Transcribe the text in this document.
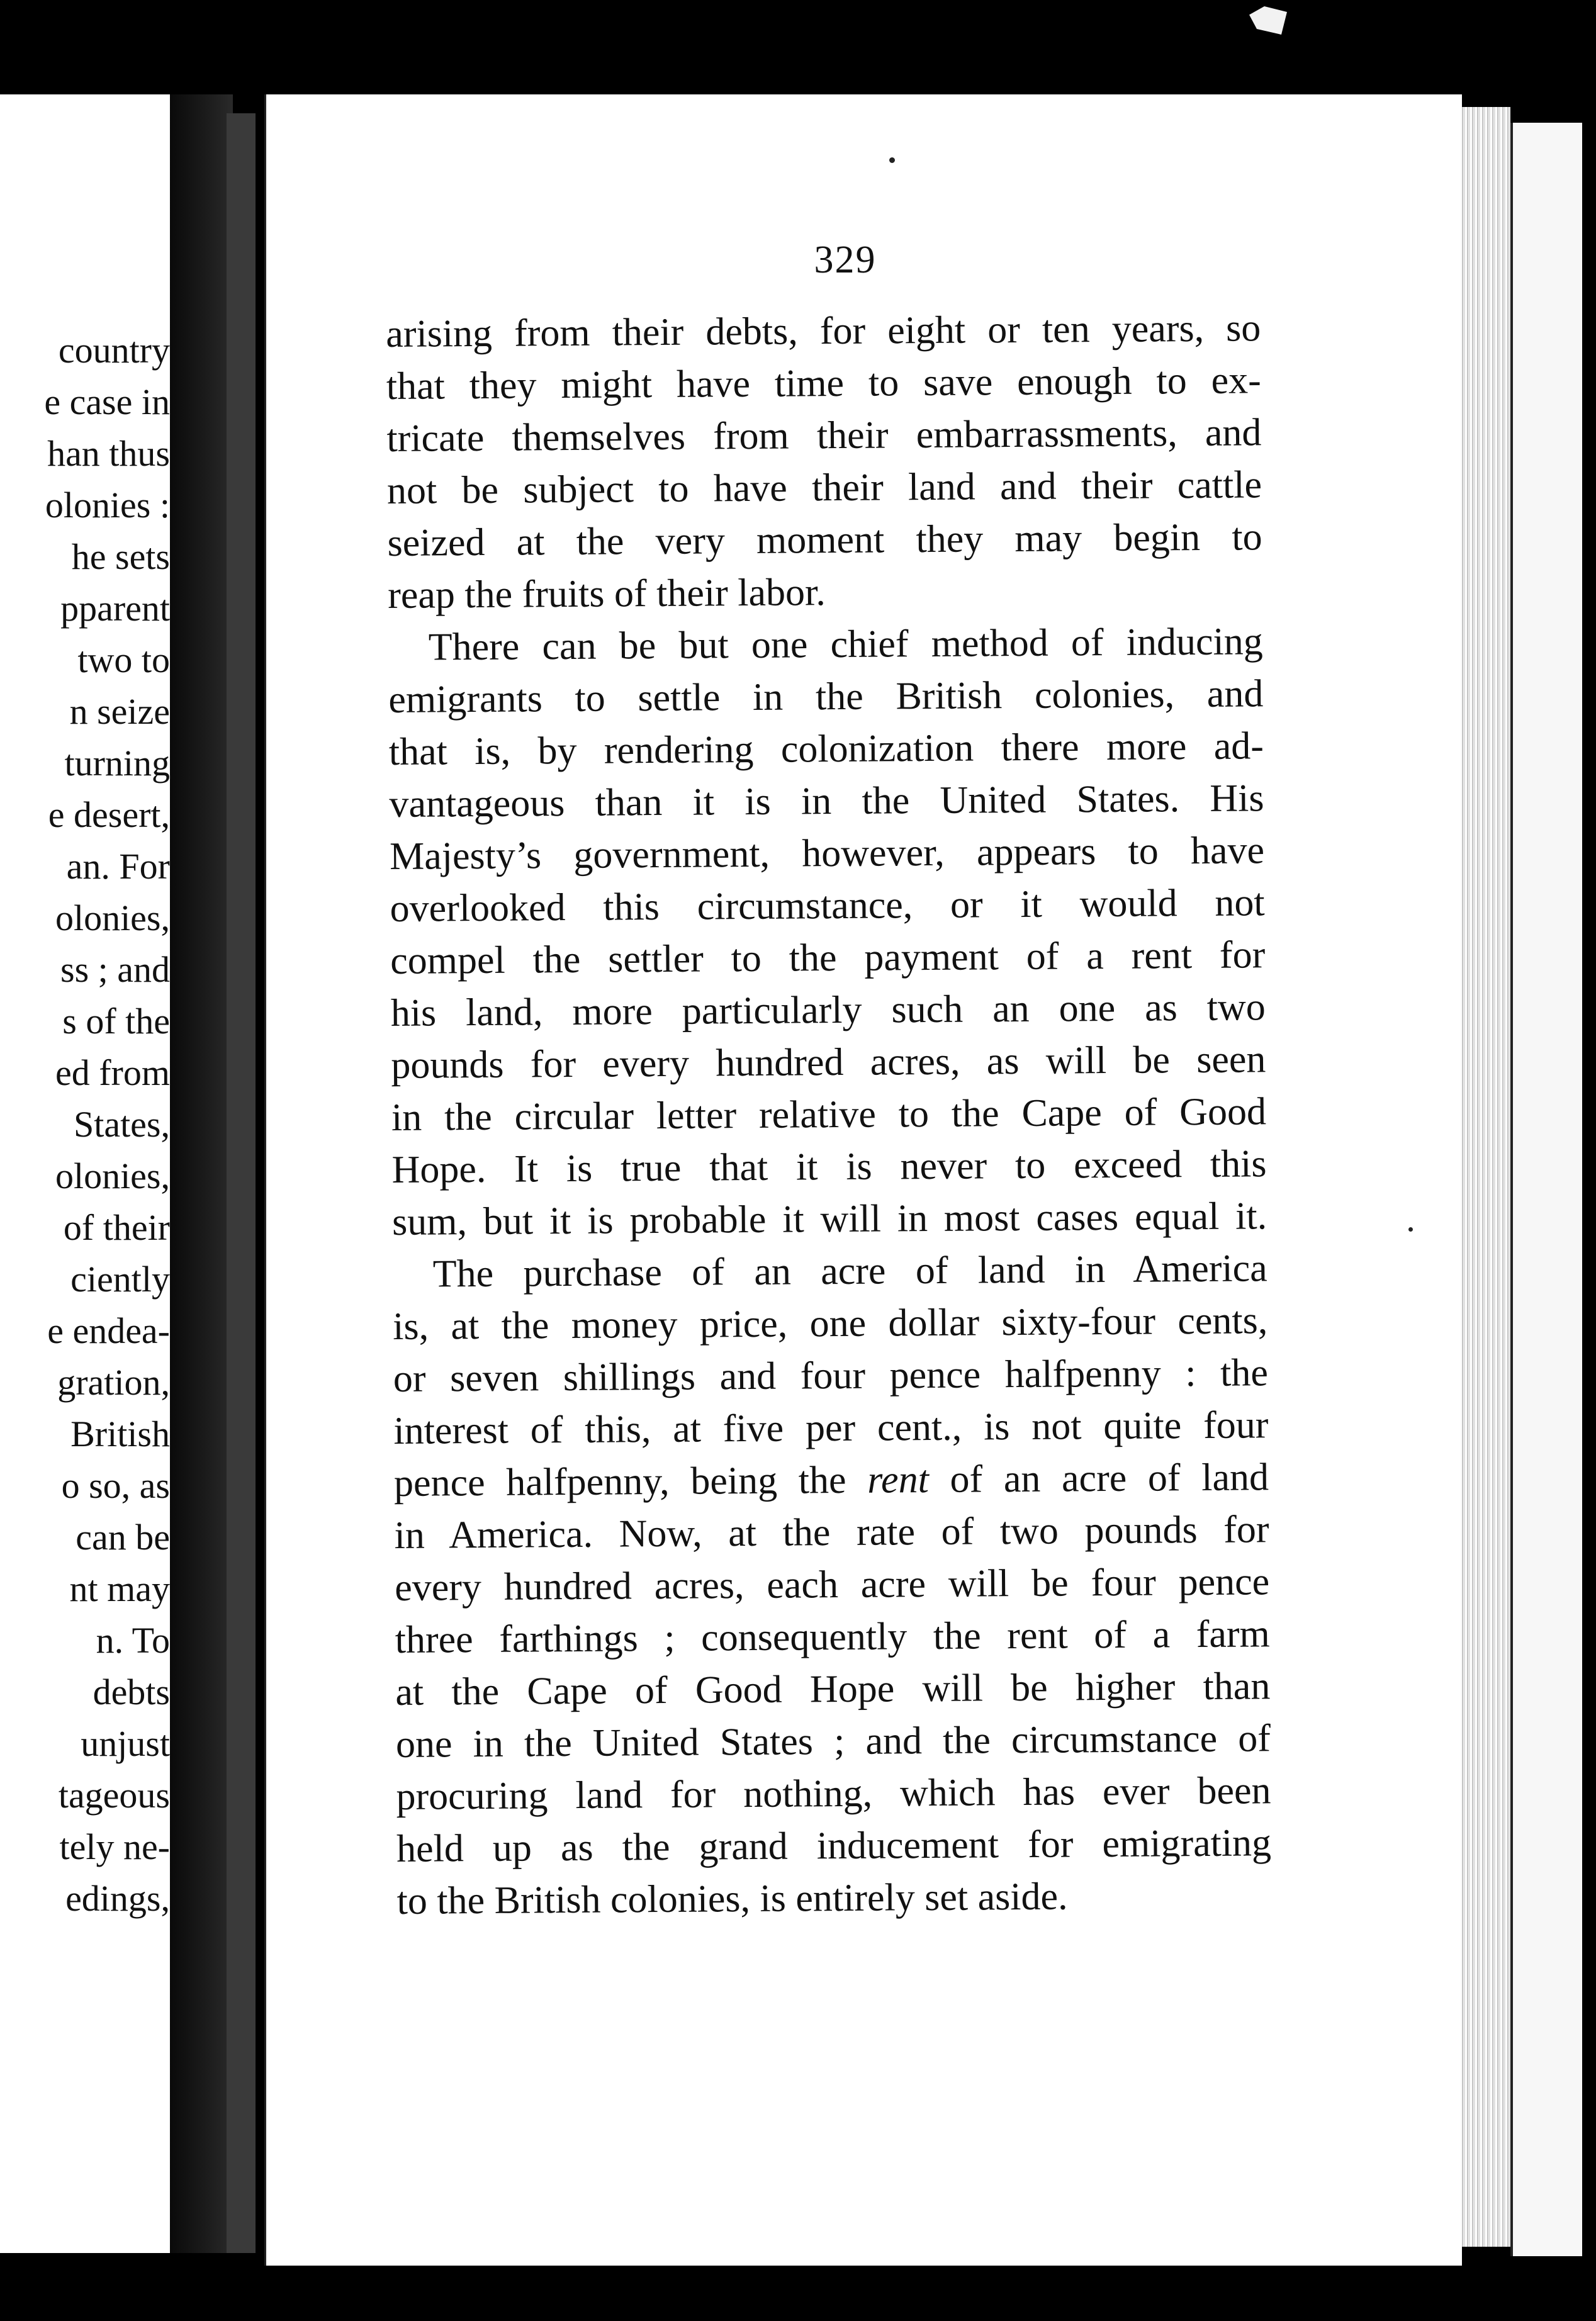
country
e case in
han thus
olonies :
he sets
pparent
two to
n seize
turning
e desert,
an. For
olonies,
ss ; and
s of the
ed from
States,
olonies,
of their
ciently
e endea-
gration,
British
o so, as
can be
nt may
n. To
debts
unjust
tageous
tely ne-
edings,
329
arising from their debts, for eight or ten years, so
that they might have time to save enough to ex-
tricate themselves from their embarrassments, and
not be subject to have their land and their cattle
seized at the very moment they may begin to
reap the fruits of their labor.
There can be but one chief method of inducing
emigrants to settle in the British colonies, and
that is, by rendering colonization there more ad-
vantageous than it is in the United States. His
Majesty’s government, however, appears to have
overlooked this circumstance, or it would not
compel the settler to the payment of a rent for
his land, more particularly such an one as two
pounds for every hundred acres, as will be seen
in the circular letter relative to the Cape of Good
Hope. It is true that it is never to exceed this
sum, but it is probable it will in most cases equal it.
The purchase of an acre of land in America
is, at the money price, one dollar sixty-four cents,
or seven shillings and four pence halfpenny : the
interest of this, at five per cent., is not quite four
pence halfpenny, being the rent of an acre of land
in America. Now, at the rate of two pounds for
every hundred acres, each acre will be four pence
three farthings ; consequently the rent of a farm
at the Cape of Good Hope will be higher than
one in the United States ; and the circumstance of
procuring land for nothing, which has ever been
held up as the grand inducement for emigrating
to the British colonies, is entirely set aside.
